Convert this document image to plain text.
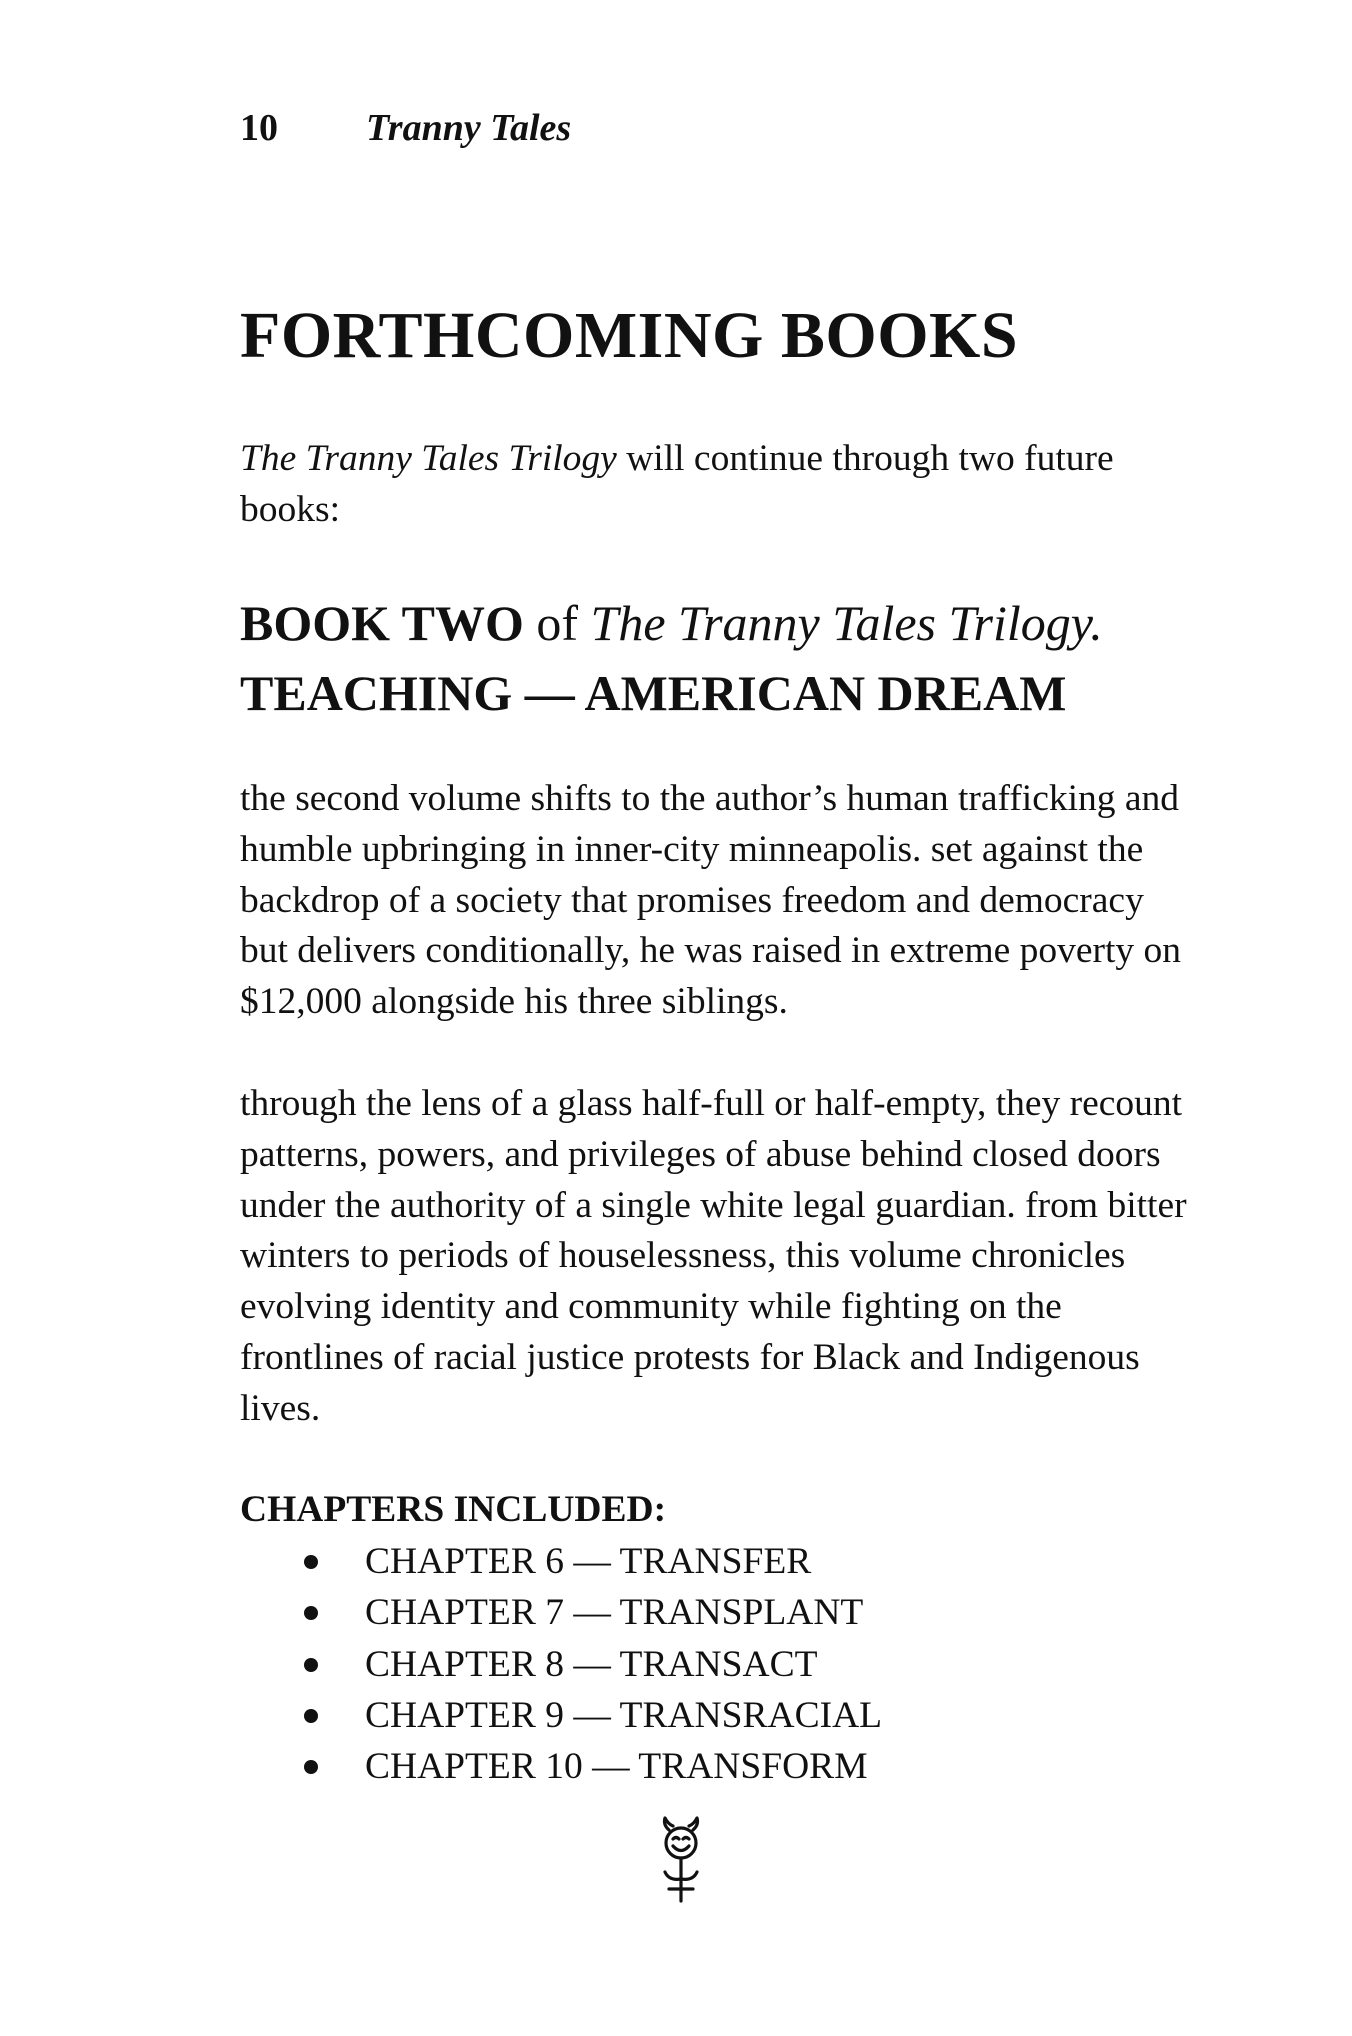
10 Tranny Tales
FORTHCOMING BOOKS
The Tranny Tales Trilogy will continue through two future books:
BOOK TWO of The Tranny Tales Trilogy.
TEACHING — AMERICAN DREAM
the second volume shifts to the author’s human trafficking and humble upbringing in inner-city minneapolis. set against the backdrop of a society that promises freedom and democracy but delivers conditionally, he was raised in extreme poverty on $12,000 alongside his three siblings.
through the lens of a glass half-full or half-empty, they recount patterns, powers, and privileges of abuse behind closed doors under the authority of a single white legal guardian. from bitter winters to periods of houselessness, this volume chronicles evolving identity and community while fighting on the frontlines of racial justice protests for Black and Indigenous lives.
CHAPTERS INCLUDED:
CHAPTER 6 — TRANSFER
CHAPTER 7 — TRANSPLANT
CHAPTER 8 — TRANSACT
CHAPTER 9 — TRANSRACIAL
CHAPTER 10 — TRANSFORM
